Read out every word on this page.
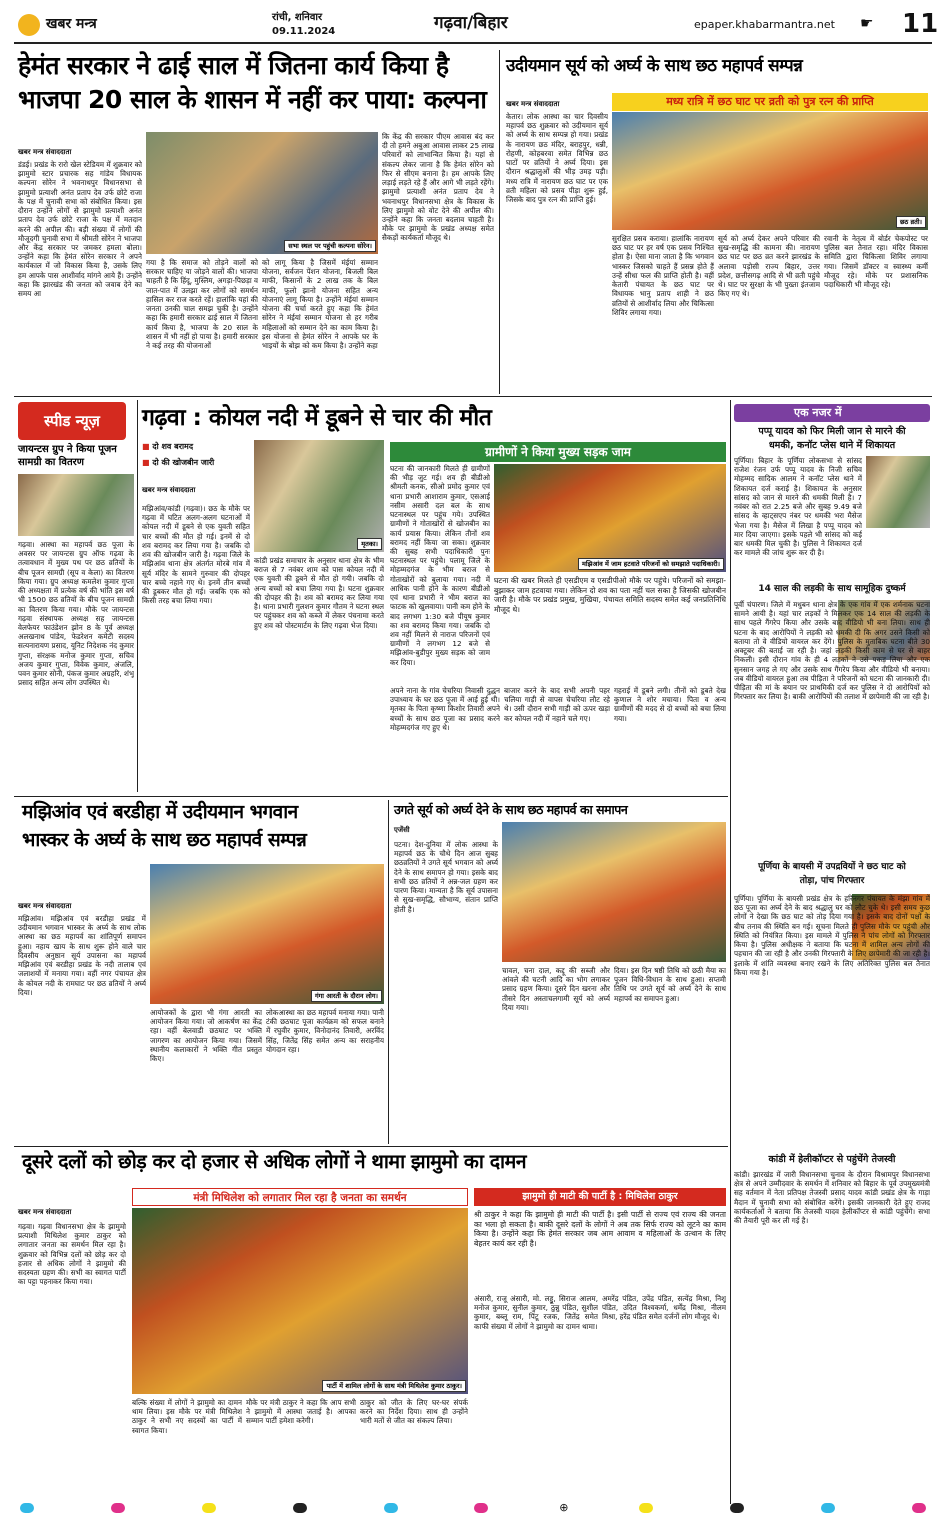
खबर मन्त्र	रांची, शनिवार
09.11.2024	गढ़वा/बिहार	epaper.khabarmantra.net ☛ 11
हेमंत सरकार ने ढाई साल में जितना कार्य किया है
भाजपा 20 साल के शासन में नहीं कर पाया: कल्पना
खबर मन्त्र संवाददाता
डंडई। प्रखंड के रारो खेल स्टेडियम में शुक्रवार को झामुमो स्टार प्रचारक सह गांडेय विधायक कल्पना सोरेन ने भवनाथपुर विधानसभा से झामुमो प्रत्याशी अनंत प्रताप देव उर्फ छोटे राजा के पक्ष में चुनावी सभा को संबोधित किया। इस दौरान उन्होंने लोगों से झामुमो प्रत्याशी अनंत प्रताप देव उर्फ छोटे राजा के पक्ष में मतदान करने की अपील की। बड़ी संख्या में लोगों की मौजूदगी चुनावी सभा में श्रीमती सोरेन ने भाजपा और केंद्र सरकार पर जमकर हमला बोला। उन्होंने कहा कि हेमंत सोरेन सरकार ने अपने कार्यकाल में जो विकास किया है, उसके लिए हम आपके पास आशीर्वाद मांगने आये हैं। उन्होंने कहा कि झारखंड की जनता को जवाब देने का समय आ
सभा स्थल पर पहुंची कल्पना सोरेन।
गया है कि समाज को तोड़ने वालों को सरकार चाहिए या जोड़ने वालों की। भाजपा चाहती है कि हिंदू, मुस्लिम, अगड़ा-पिछड़ा व जात-पात में उलझा कर लोगों को समर्थन हासिल कर राज करते रहें। हालांकि यहां की जनता उनकी चाल समझ चुकी है। उन्होंने कहा कि हमारी सरकार ढाई साल में जितना कार्य किया है, भाजपा के 20 साल के शासन में भी नहीं हो पाया है। हमारी सरकार ने कई तरह की योजनाओं
को लागू किया है जिसमें मंईयां सम्मान योजना, सर्वजन पेंशन योजना, बिजली बिल माफी, किसानों के 2 लाख तक के बिल माफी, फूलो झानो योजना सहित अन्य योजनाएं लागू किया है। उन्होंने मंईयां सम्मान योजना की चर्चा करते हुए कहा कि हेमंत सोरेन ने मंईयां सम्मान योजना से हर गरीब महिलाओं को सम्मान देने का काम किया है। इस योजना से हेमंत सोरेन ने आपके घर के भाइयों के बोझ को कम किया है। उन्होंने कहा
कि केंद्र की सरकार पीएम आवास बंद कर दी तो हमने अबुआ आवास लाकर 25 लाख परिवारों को लाभान्वित किया है। यहां से संकल्प लेकर जाना है कि हेमंत सोरेन को फिर से सीएम बनाना है। हम आपके लिए लड़ाई लड़ते रहे हैं और आगे भी लड़ते रहेंगे। झामुमो प्रत्याशी अनंत प्रताप देव ने भवनाथपुर विधानसभा क्षेत्र के विकास के लिए झामुमो को वोट देने की अपील की। उन्होंने कहा कि जनता बदलाव चाहती है। मौके पर झामुमो के प्रखंड अध्यक्ष समेत सैकड़ों कार्यकर्ता मौजूद थे।
उदीयमान सूर्य को अर्घ्य के साथ छठ महापर्व सम्पन्न
खबर मन्त्र संवाददाता	मध्य रात्रि में छठ घाट पर व्रती को पुत्र रत्न की प्राप्ति
छठ व्रती।
केतार। लोक आस्था का चार दिवसीय महापर्व छठ शुक्रवार को उदीयमान सूर्य को अर्घ्य के साथ सम्पन्न हो गया। प्रखंड के नारायण छठ मंदिर, बराहपुर, धन्नी, रोहणी, कोहबरवा समेत विभिन्न छठ घाटों पर व्रतियों ने अर्घ्य दिया। इस दौरान श्रद्धालुओं की भीड़ उमड़ पड़ी। मध्य रात्रि में नारायण छठ घाट पर एक व्रती महिला को प्रसव पीड़ा शुरू हुई, जिसके बाद पुत्र रत्न की प्राप्ति हुई।
सुरक्षित प्रसव कराया। हालांकि नारायण छठ घाट पर हर वर्ष एक प्रसव निश्चित होता है। ऐसा माना जाता है कि भगवान भास्कर जिसको चाहते हैं प्रसन्न होते हैं उन्हें सीधा फल की प्राप्ति होती है। वहीं केतारी पंचायत के छठ घाट पर विधायक भानु प्रताप शाही ने छठ व्रतियों से आशीर्वाद लिया और चिकित्सा शिविर लगाया गया।
सूर्य को अर्घ्य देकर अपने परिवार की सुख-समृद्धि की कामना की। नारायण छठ घाट पर छठ व्रत करने झारखंड के अलावा पड़ोसी राज्य बिहार, उत्तर प्रदेश, छत्तीसगढ़ आदि से भी व्रती पहुंचे थे। घाट पर सुरक्षा के भी पुख्ता इंतजाम किए गए थे।
रवानी के नेतृत्व में बोर्डर चेकपोस्ट पर पुलिस बल तैनात रहा। मंदिर विकास समिति द्वारा चिकित्सा शिविर लगाया गया। जिसमें डॉक्टर व स्वास्थ्य कर्मी मौजूद रहे। मौके पर प्रशासनिक पदाधिकारी भी मौजूद रहे।
स्पीड न्यूज़
जायन्टस ग्रुप ने किया पूजन सामग्री का वितरण
गढ़वा। आस्था का महापर्व छठ पूजा के अवसर पर जायन्टस ग्रुप ऑफ गढ़वा के तत्वावधान में मुख्य पथ पर छठ व्रतियों के बीच पूजन सामग्री (सूप व केला) का वितरण किया गया। ग्रुप अध्यक्ष कमलेश कुमार गुप्ता की अध्यक्षता में प्रत्येक वर्ष की भांति इस वर्ष भी 1500 छठ व्रतियों के बीच पूजन सामग्री का वितरण किया गया। मौके पर जायन्टस गढ़वा संस्थापक अध्यक्ष सह जायन्टस वेलफेयर फाउंडेशन झोन 8 के पूर्व अध्यक्ष अलखनाथ पांडेय, फेडरेशन कमेटी सदस्य सत्यनारायण प्रसाद, यूनिट निदेशक नंद कुमार गुप्ता, संरक्षक मनोज कुमार गुप्ता, सचिव अजय कुमार गुप्ता, विवेक कुमार, अंजलि, पवन कुमार सोनी, पंकज कुमार अग्रहरि, शंभू प्रसाद सहित अन्य लोग उपस्थित थे।
गढ़वा : कोयल नदी में डूबने से चार की मौत
■ दो शव बरामद
■ दो की खोजबीन जारी
खबर मन्त्र संवाददाता
मृतका।
मझिआंव/कांडी (गढ़वा)। छठ के मौके पर गढ़वा में घटित अलग-अलग घटनाओं में कोयल नदी में डूबने से एक युवती सहित चार बच्चों की मौत हो गई। इनमें से दो शव बरामद कर लिया गया है। जबकि दो शव की खोजबीन जारी है। गढ़वा जिले के मझिआंव थाना क्षेत्र अंतर्गत मोरबे गांव में सूर्य मंदिर के सामने गुरुवार की दोपहर चार बच्चे नहाने गए थे। इनमें तीन बच्चों की डूबकर मौत हो गई। जबकि एक को किसी तरह बचा लिया गया।
कांडी प्रखंड समाचार के अनुसार थाना क्षेत्र के भीम बराज से 7 नवंबर शाम को पास कोयल नदी में एक युवती की डूबने से मौत हो गयी। जबकि दो अन्य बच्चों को बचा लिया गया है। घटना शुक्रवार की दोपहर की है। शव को बरामद कर लिया गया है। थाना प्रभारी गुलशन कुमार गौतम ने घटना स्थल पर पहुंचकर शव को कब्जे में लेकर पंचनामा करते हुए शव को पोस्टमार्टम के लिए गढ़वा भेज दिया।
ग्रामीणों ने किया मुख्य सड़क जाम
घटना की जानकारी मिलते ही ग्रामीणों की भीड़ जुट गई। शव ही बीडीओ श्रीमती कनक, सीओ प्रमोद कुमार एवं थाना प्रभारी आशाराम कुमार, एसआई नसीम असारी दल बल के साथ घटनास्थल पर पहुंच गये। उपस्थित ग्रामीणों ने गोताखोरों से खोजबीन का कार्य प्रयास किया। लेकिन तीनों शव बरामद नहीं किया जा सका। शुक्रवार की सुबह सभी पदाधिकारी पुनः घटनास्थल पर पहुंचे। पलामू जिले के मोहम्मदगंज के भीम बराज से गोताखोरों को बुलाया गया। नदी में आधिक पानी होने के कारण बीडीओ एवं थाना प्रभारी ने भीम बराज का फाटक को खुलवाया। पानी कम होने के बाद लगभग 1:30 बजे पीयूष कुमार का शव बरामद किया गया। जबकि दो शव नहीं मिलने से नाराज परिजनों एवं ग्रामीणों ने लगभग 12 बजे से मझिआंव-बुडीपुर मुख्य सड़क को जाम कर दिया।
मझिआंव में जाम हटवाते परिजनों को समझाते पदाधिकारी।
घटना की खबर मिलते ही एसडीएम व एसडीपीओ मौके पर पहुंचे। परिजनों को समझा-बुझाकर जाम हटवाया गया। लेकिन दो शव का पता नहीं चल सका है जिसकी खोजबीन जारी है। मौके पर प्रखंड प्रमुख, मुखिया, पंचायत समिति सदस्य समेत कई जनप्रतिनिधि मौजूद थे।
अपने नाना के गांव चेचरिया निवासी दुद्धन उपाध्याय के घर छठ पूजा में आई हुई थी। मृतका के पिता कृष्णा किशोर तिवारी अपने बच्चों के साथ छठ पूजा का प्रसाद करने मोहम्मदगंज गए हुए थे।
बाजार करने के बाद सभी अपनी पहर चलिया गाड़ी से वापस चेचरिया लौट रहे थे। उसी दौरान सभी गाड़ी को ऊपर खड़ा कर कोयल नदी में नहाने चले गए।
गहराई में डूबने लगी। तीनों को डूबते देख कुणाल ने शोर मचाया। पिता व अन्य ग्रामीणों की मदद से दो बच्चों को बचा लिया गया।
एक नजर में
पप्पू यादव को फिर मिली जान से मारने की
धमकी, कनॉट प्लेस थाने में शिकायत
पूर्णिया। बिहार के पूर्णिया लोकसभा से सांसद राजेश रंजन उर्फ पप्पू यादव के निजी सचिव मोहम्मद सादिक आलम ने कनॉट प्लेस थाने में शिकायत दर्ज कराई है। शिकायत के अनुसार सांसद को जान से मारने की धमकी मिली है। 7 नवंबर को रात 2.25 बजे और सुबह 9.49 बजे सांसद के व्हाट्सएप नंबर पर धमकी भरा मैसेज भेजा गया है। मैसेज में लिखा है पप्पू यादव को मार दिया जाएगा। इसके पहले भी सांसद को कई बार धमकी मिल चुकी है। पुलिस ने शिकायत दर्ज कर मामले की जांच शुरू कर दी है।
14 साल की लड़की के साथ सामूहिक दुष्कर्म
पूर्वी चंपारण। जिले में मधुबन थाना क्षेत्र के एक गांव में एक शर्मनाक घटना सामने आयी है। यहां चार लड़कों ने मिलकर एक 14 साल की लड़की के साथ पहले गैंगरेप किया और उसके बाद वीडियो भी बना लिया। साथ ही घटना के बाद आरोपियों ने लड़की को धमकी दी कि अगर उसने किसी को बताया तो वे वीडियो वायरल कर देंगे। पुलिस के मुताबिक घटना बीते 30 अक्टूबर की बताई जा रही है। जहां लड़की किसी काम से घर से बाहर निकली। इसी दौरान गांव के ही 4 लड़कों ने उसे पकड़ लिया और एक सुनसान जगह ले गए और उसके साथ गैंगरेप किया और वीडियो भी बनाया। जब वीडियो वायरल हुआ तब पीड़िता ने परिजनों को घटना की जानकारी दी। पीड़िता की मां के बयान पर प्राथमिकी दर्ज कर पुलिस ने दो आरोपियों को गिरफ्तार कर लिया है। बाकी आरोपियों की तलाश में छापेमारी की जा रही है।
पूर्णिया के बायसी में उपद्रवियों ने छठ घाट को
तोड़ा, पांच गिरफ्तार
पूर्णिया। पूर्णिया के बायसी प्रखंड क्षेत्र के हरिनगर पंचायत के मंझा गांव में छठ पूजा का अर्घ्य देने के बाद श्रद्धालु घर को लौट चुके थे। इसी समय कुछ लोगों ने देखा कि छठ घाट को तोड़ दिया गया है। इसके बाद दोनों पक्षों के बीच तनाव की स्थिति बन गई। सूचना मिलते ही पुलिस मौके पर पहुंची और स्थिति को नियंत्रित किया। इस मामले में पुलिस ने पांच लोगों को गिरफ्तार किया है। पुलिस अधीक्षक ने बताया कि घटना में शामिल अन्य लोगों की पहचान की जा रही है और उनकी गिरफ्तारी के लिए छापेमारी की जा रही है। इलाके में शांति व्यवस्था बनाए रखने के लिए अतिरिक्त पुलिस बल तैनात किया गया है।
कांडी में हेलीकॉप्टर से पहुंचेंगे तेजस्वी
कांडी। झारखंड में जारी विधानसभा चुनाव के दौरान विश्रामपुर विधानसभा क्षेत्र से अपने उम्मीदवार के समर्थन में शनिवार को बिहार के पूर्व उपमुख्यमंत्री सह वर्तमान में नेता प्रतिपक्ष तेजस्वी प्रसाद यादव कांडी प्रखंड क्षेत्र के गाड़ा मैदान में चुनावी सभा को संबोधित करेंगे। इसकी जानकारी देते हुए राजद कार्यकर्ताओं ने बताया कि तेजस्वी यादव हेलीकॉप्टर से कांडी पहुंचेंगे। सभा की तैयारी पूरी कर ली गई है।
मझिआंव एवं बरडीहा में उदीयमान भगवान
भास्कर के अर्घ्य के साथ छठ महापर्व सम्पन्न
खबर मन्त्र संवाददाता
मझिआंव। मझिआंव एवं बरडीहा प्रखंड में उदीयमान भगवान भास्कर के अर्घ्य के साथ लोक आस्था का छठ महापर्व का शांतिपूर्ण समापन हुआ। नहाय खाय के साथ शुरू होने वाले चार दिवसीय अनुष्ठान सूर्य उपासना का महापर्व मझिआंव एवं बरडीहा प्रखंड के नदी तालाब एवं जलाशयों में मनाया गया। वहीं नगर पंचायत क्षेत्र के कोयल नदी के रामघाट पर छठ व्रतियों ने अर्घ्य दिया।	गंगा आरती के दौरान लोग।
आयोजकों के द्वारा भी गंगा आरती का आयोजन किया गया। जो आकर्षण का केंद्र रहा। वहीं बेलवाडी छठघाट पर भक्ति जागरण का आयोजन किया गया। जिसमें स्थानीय कलाकारों ने भक्ति गीत प्रस्तुत किए।
लोकआस्था का छठ महापर्व मनाया गया। पानी टंकी छठघाट पूजा कार्यक्रम को सफल बनाने में रघुवीर कुमार, विनोदानंद तिवारी, अरविंद सिंह, जितेंद्र सिंह समेत अन्य का सराहनीय योगदान रहा।
उगते सूर्य को अर्घ्य देने के साथ छठ महापर्व का समापन
एजेंसी
पटना। देश-दुनिया में लोक आस्था के महापर्व छठ के चौथे दिन आज सुबह छठव्रतियों ने उगते सूर्य भगवान को अर्घ्य देने के साथ समापन हो गया। इसके बाद सभी छठ व्रतियों ने अन्न-जल ग्रहण कर पारण किया। मान्यता है कि सूर्य उपासना से सुख-समृद्धि, सौभाग्य, संतान प्राप्ति होती है।
चावल, चना दाल, कद्दू की सब्जी और आंवले की चटनी आदि का भोग लगाकर प्रसाद ग्रहण किया। दूसरे दिन खरना और तीसरे दिन अस्ताचलगामी सूर्य को अर्घ्य दिया गया।
दिया। इस दिन षष्ठी तिथि को छठी मैया का पूजन विधि-विधान के साथ हुआ। सप्तमी तिथि पर उगते सूर्य को अर्घ्य देने के साथ महापर्व का समापन हुआ।
दूसरे दलों को छोड़ कर दो हजार से अधिक लोगों ने थामा झामुमो का दामन
खबर मन्त्र संवाददाता
गढ़वा। गढ़वा विधानसभा क्षेत्र के झामुमो प्रत्याशी मिथिलेश कुमार ठाकुर को लगातार जनता का समर्थन मिल रहा है। शुक्रवार को विभिन्न दलों को छोड़ कर दो हजार से अधिक लोगों ने झामुमो की सदस्यता ग्रहण की। सभी का स्वागत पार्टी का पट्टा पहनाकर किया गया।
मंत्री मिथिलेश को लगातार मिल रहा है जनता का समर्थन
पार्टी में शामिल लोगों के साथ मंत्री मिथिलेश कुमार ठाकुर।
बल्कि संख्या में लोगों ने झामुमो का दामन थाम लिया। इस मौके पर मंत्री मिथिलेश ठाकुर ने सभी नए सदस्यों का पार्टी में स्वागत किया।
मौके पर मंत्री ठाकुर ने कहा कि आप सभी ने झामुमो में आस्था जताई है। आपका सम्मान पार्टी हमेशा करेगी।
ठाकुर को जीत के लिए घर-घर संपर्क करने का निर्देश दिया। साथ ही उन्होंने भारी मतों से जीत का संकल्प लिया।
झामुमो ही माटी की पार्टी है : मिथिलेश ठाकुर
श्री ठाकुर ने कहा कि झामुमो ही माटी की पार्टी है। इसी पार्टी से राज्य एवं राज्य की जनता का भला हो सकता है। बाकी दूसरे दलों के लोगों ने अब तक सिर्फ राज्य को लूटने का काम किया है। उन्होंने कहा कि हेमंत सरकार जब आम आवाम व महिलाओं के उत्थान के लिए बेहतर कार्य कर रही है।
अंसारी, राजू अंसारी, मो. लड्डू, सिराज आलम, मनोज कुमार, सुनील कुमार, ठुन्नु पंडित, सुशील कुमार, बब्लू राम, पिंटू रजक, जितेंद्र समेत काफी संख्या में लोगों ने झामुमो का दामन थामा।
अमरेंद्र पंडित, उपेंद्र पंडित, सत्येंद्र मिश्रा, निशू पंडित, उदित विश्वकर्मा, धर्मेंद्र मिश्रा, नीलम मिश्रा, हरेंद्र पंडित समेत दर्जनों लोग मौजूद थे।
⊕
